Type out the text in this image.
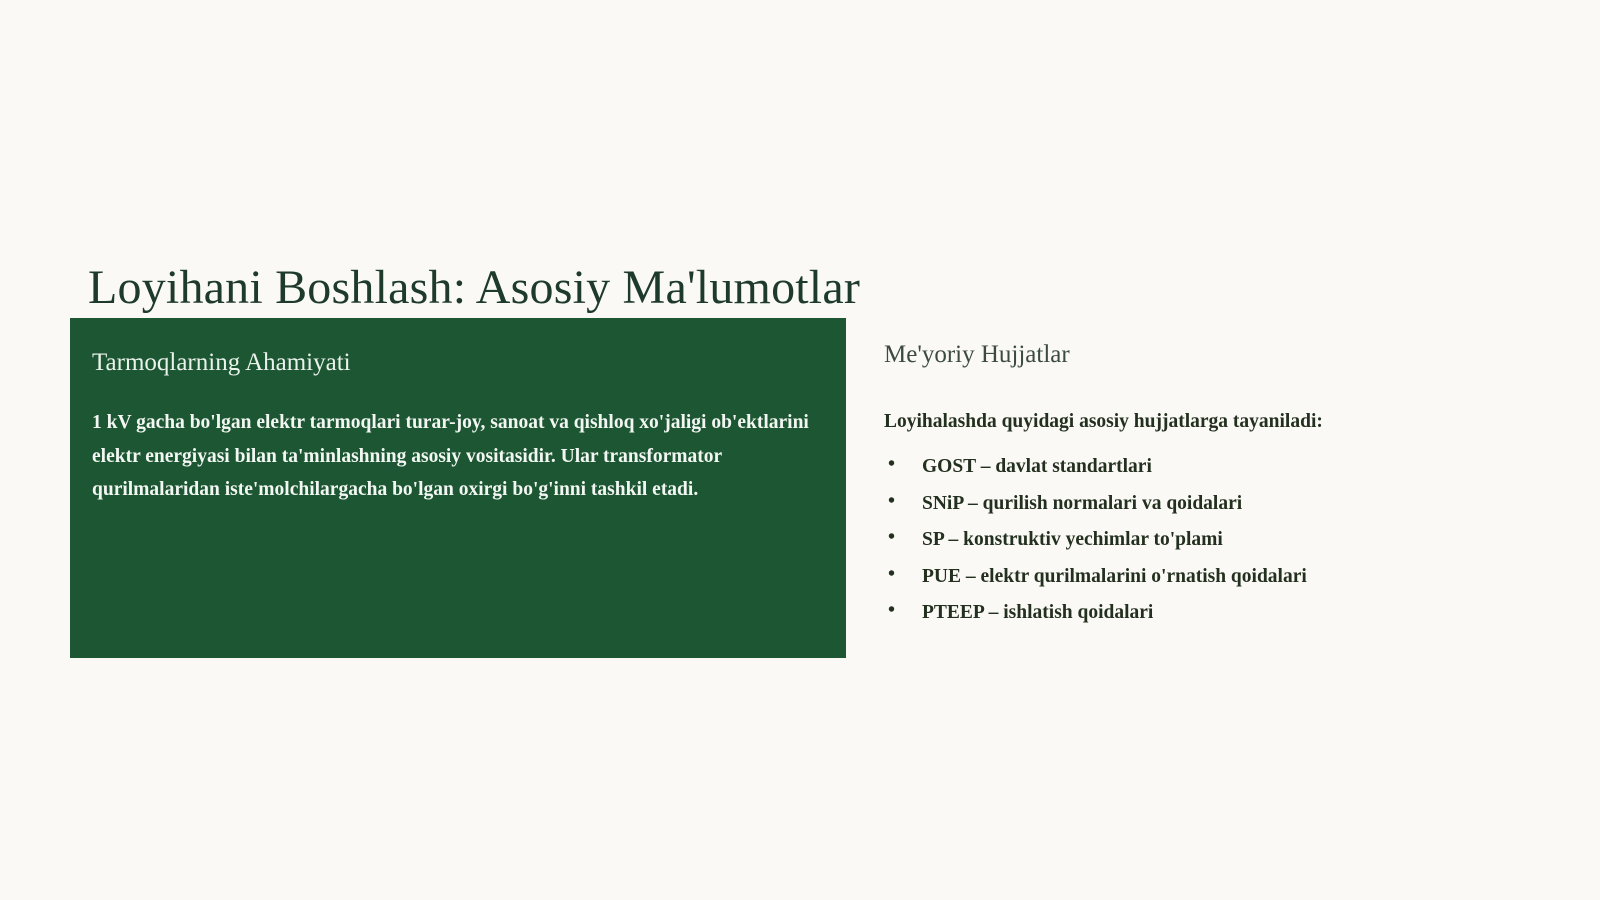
Loyihani Boshlash: Asosiy Ma'lumotlar
Tarmoqlarning Ahamiyati

1 kV gacha bo'lgan elektr tarmoqlari turar-joy, sanoat va qishloq xo'jaligi ob'ektlarini elektr energiyasi bilan ta'minlashning asosiy vositasidir. Ular transformator qurilmalaridan iste'molchilargacha bo'lgan oxirgi bo'g'inni tashkil etadi.

Me'yoriy Hujjatlar

Loyihalashda quyidagi asosiy hujjatlarga tayaniladi:

• GOST – davlat standartlari
• SNiP – qurilish normalari va qoidalari
• SP – konstruktiv yechimlar to'plami
• PUE – elektr qurilmalarini o'rnatish qoidalari
• PTEEP – ishlatish qoidalari
